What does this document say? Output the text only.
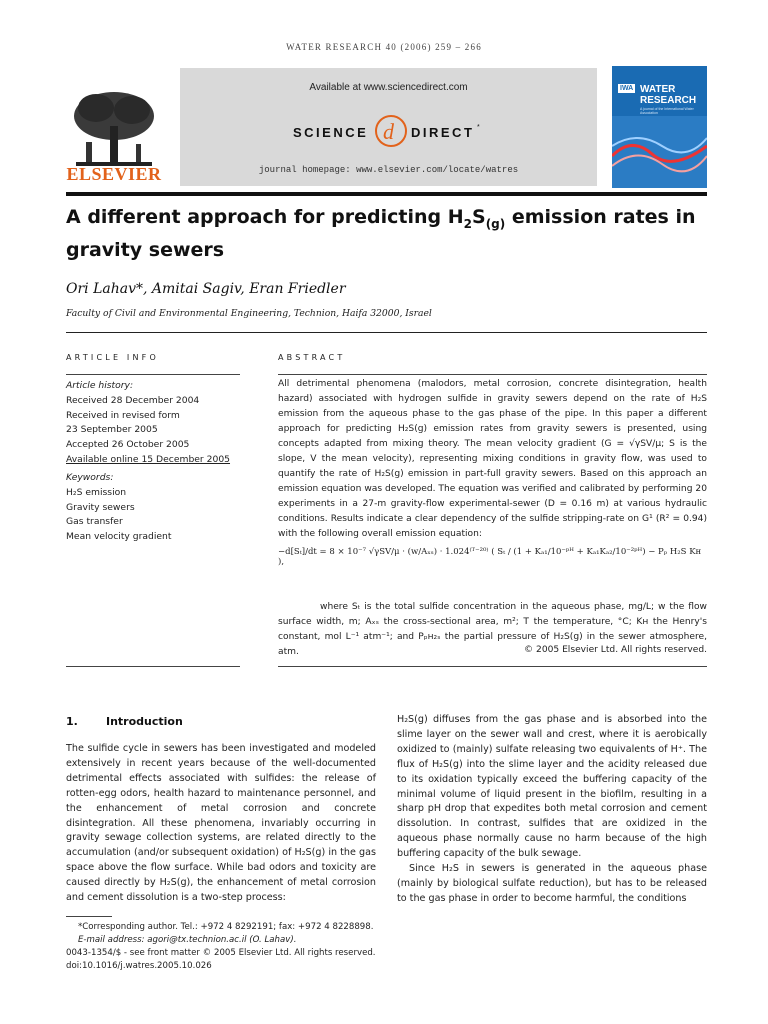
WATER RESEARCH 40 (2006) 259 – 266
ELSEVIER
Available at www.sciencedirect.com
SCIENCE d DIRECT *
journal homepage: www.elsevier.com/locate/watres
IWA WATER
RESEARCH
A journal of the International Water Association
A different approach for predicting $H_2S_{(g)}$ emission rates in gravity sewers
Ori Lahav*, Amitai Sagiv, Eran Friedler
Faculty of Civil and Environmental Engineering, Technion, Haifa 32000, Israel
ARTICLE INFO
Article history:
Received 28 December 2004
Received in revised form
23 September 2005
Accepted 26 October 2005
Available online 15 December 2005
Keywords:
H₂S emission
Gravity sewers
Gas transfer
Mean velocity gradient
ABSTRACT
All detrimental phenomena (malodors, metal corrosion, concrete disintegration, health hazard) associated with hydrogen sulfide in gravity sewers depend on the rate of H₂S emission from the aqueous phase to the gas phase of the pipe. In this paper a different approach for predicting H₂S(g) emission rates from gravity sewers is presented, using concepts adapted from mixing theory. The mean velocity gradient (G = √γSV/μ; S is the slope, V the mean velocity), representing mixing conditions in gravity flow, was used to quantify the rate of H₂S(g) emission in part-full gravity sewers. Based on this approach an emission equation was developed. The equation was verified and calibrated by performing 20 experiments in a 27-m gravity-flow experimental-sewer (D = 0.16 m) at various hydraulic conditions. Results indicate a clear dependency of the sulfide stripping-rate on G¹ (R² = 0.94) with the following overall emission equation:
−d[Sₜ]/dt = 8 × 10⁻⁷ √γSV/μ · (w/Aₓₛ) · 1.024⁽ᵀ⁻²⁰⁾ ( Sₜ / (1 + Kₐ₁/10⁻ᵖᴴ + Kₐ₁Kₐ₂/10⁻²ᵖᴴ) − Pₚ H₂S Kʜ ),
where Sₜ is the total sulfide concentration in the aqueous phase, mg/L; w the flow surface width, m; Aₓₛ the cross-sectional area, m²; T the temperature, °C; Kʜ the Henry's constant, mol L⁻¹ atm⁻¹; and Pₚʜ₂ₛ the partial pressure of H₂S(g) in the sewer atmosphere, atm.	© 2005 Elsevier Ltd. All rights reserved.
1.	Introduction
The sulfide cycle in sewers has been investigated and modeled extensively in recent years because of the well-documented detrimental effects associated with sulfides: the release of rotten-egg odors, health hazard to maintenance personnel, and the enhancement of metal corrosion and concrete disintegration. All these phenomena, invariably occurring in gravity sewage collection systems, are related directly to the accumulation (and/or subsequent oxidation) of H₂S(g) in the gas space above the flow surface. While bad odors and toxicity are caused directly by H₂S(g), the enhancement of metal corrosion and cement dissolution is a two-step process:
H₂S(g) diffuses from the gas phase and is absorbed into the slime layer on the sewer wall and crest, where it is aerobically oxidized to (mainly) sulfate releasing two equivalents of H⁺. The flux of H₂S(g) into the slime layer and the acidity released due to its oxidation typically exceed the buffering capacity of the minimal volume of liquid present in the biofilm, resulting in a sharp pH drop that expedites both metal corrosion and cement dissolution. In contrast, sulfides that are oxidized in the aqueous phase normally cause no harm because of the high buffering capacity of the bulk sewage.
Since H₂S in sewers is generated in the aqueous phase (mainly by biological sulfate reduction), but has to be released to the gas phase in order to become harmful, the conditions
*Corresponding author. Tel.: +972 4 8292191; fax: +972 4 8228898.
E-mail address: agori@tx.technion.ac.il (O. Lahav).
0043-1354/$ - see front matter © 2005 Elsevier Ltd. All rights reserved.
doi:10.1016/j.watres.2005.10.026
